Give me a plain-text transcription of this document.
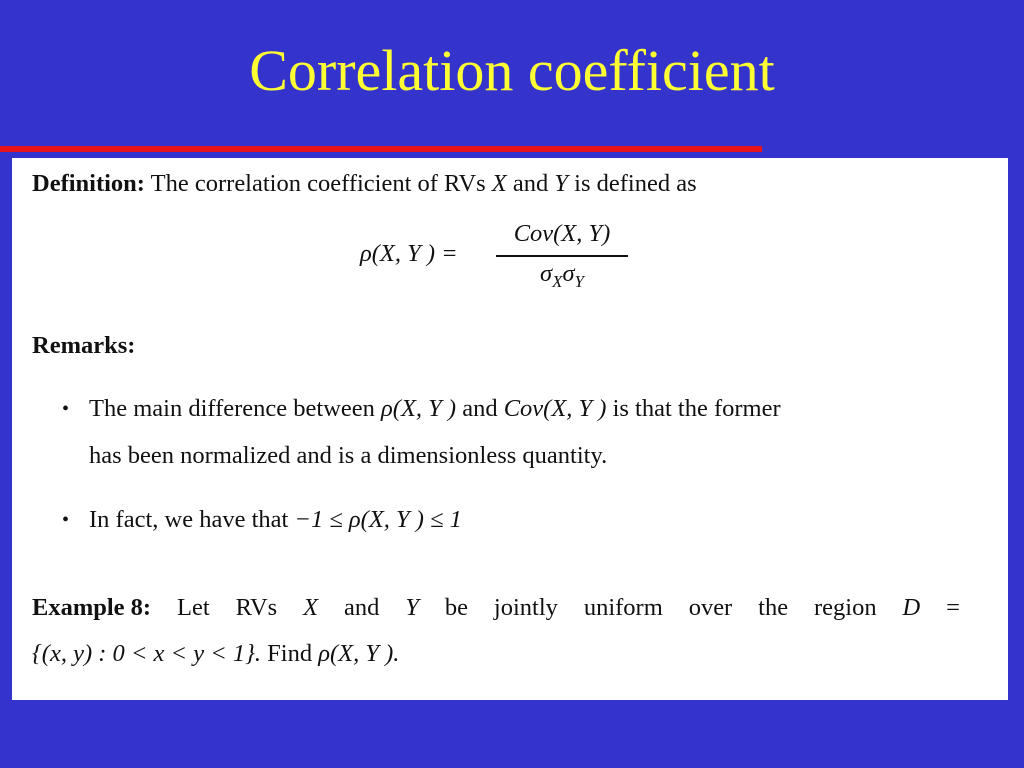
Correlation coefficient
Definition: The correlation coefficient of RVs X and Y is defined as
ρ(X, Y ) =
Cov(X, Y)
$\sigma_X\sigma_Y$
Remarks:
• The main difference between ρ(X, Y ) and Cov(X, Y ) is that the former
has been normalized and is a dimensionless quantity.
• In fact, we have that −1 ≤ ρ(X, Y ) ≤ 1
Example 8: Let RVs X and Y be jointly uniform over the region D =
{(x, y) : 0 < x < y < 1}. Find ρ(X, Y ).
